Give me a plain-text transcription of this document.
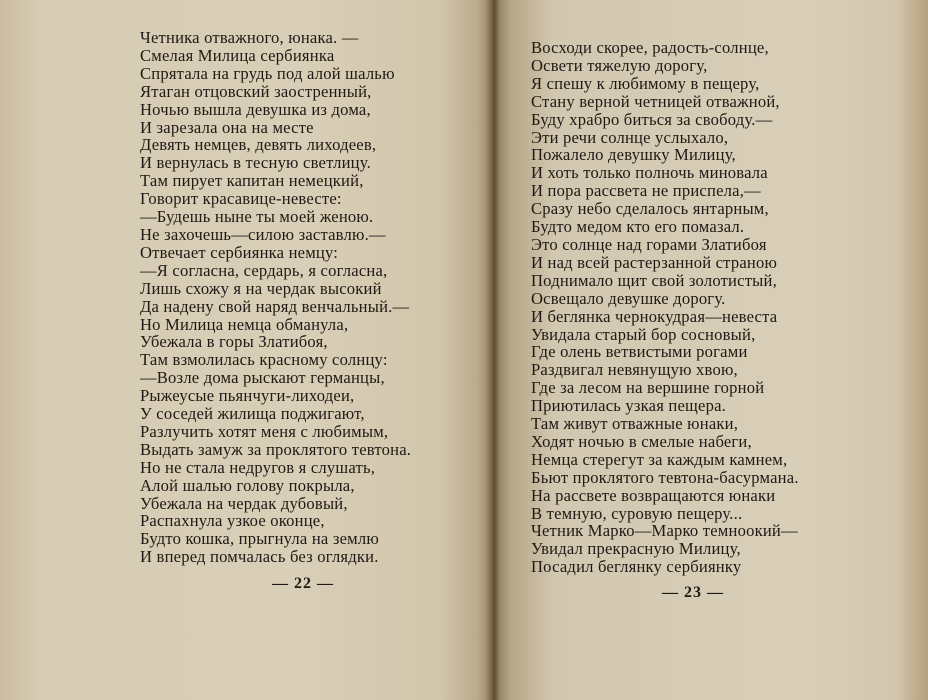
Четника отважного, юнака. —
Смелая Милица сербиянка
Спрятала на грудь под алой шалью
Ятаган отцовский заостренный,
Ночью вышла девушка из дома,
И зарезала она на месте
Девять немцев, девять лиходеев,
И вернулась в тесную светлицу.
Там пирует капитан немецкий,
Говорит красавице-невесте:
—Будешь ныне ты моей женою.
Не захочешь—силою заставлю.—
Отвечает сербиянка немцу:
—Я согласна, сердарь, я согласна,
Лишь схожу я на чердак высокий
Да надену свой наряд венчальный.—
Но Милица немца обманула,
Убежала в горы Златибоя,
Там взмолилась красному солнцу:
—Возле дома рыскают германцы,
Рыжеусые пьянчуги-лиходеи,
У соседей жилища поджигают,
Разлучить хотят меня с любимым,
Выдать замуж за проклятого тевтона.
Но не стала недругов я слушать,
Алой шалью голову покрыла,
Убежала на чердак дубовый,
Распахнула узкое оконце,
Будто кошка, прыгнула на землю
И вперед помчалась без оглядки.
— 22 —
Восходи скорее, радость-солнце,
Освети тяжелую дорогу,
Я спешу к любимому в пещеру,
Стану верной четницей отважной,
Буду храбро биться за свободу.—
Эти речи солнце услыхало,
Пожалело девушку Милицу,
И хоть только полночь миновала
И пора рассвета не приспела,—
Сразу небо сделалось янтарным,
Будто медом кто его помазал.
Это солнце над горами Златибоя
И над всей растерзанной страною
Поднимало щит свой золотистый,
Освещало девушке дорогу.
И беглянка чернокудрая—невеста
Увидала старый бор сосновый,
Где олень ветвистыми рогами
Раздвигал невянущую хвою,
Где за лесом на вершине горной
Приютилась узкая пещера.
Там живут отважные юнаки,
Ходят ночью в смелые набеги,
Немца стерегут за каждым камнем,
Бьют проклятого тевтона-басурмана.
На рассвете возвращаются юнаки
В темную, суровую пещеру...
Четник Марко—Марко темноокий—
Увидал прекрасную Милицу,
Посадил беглянку сербиянку
— 23 —
